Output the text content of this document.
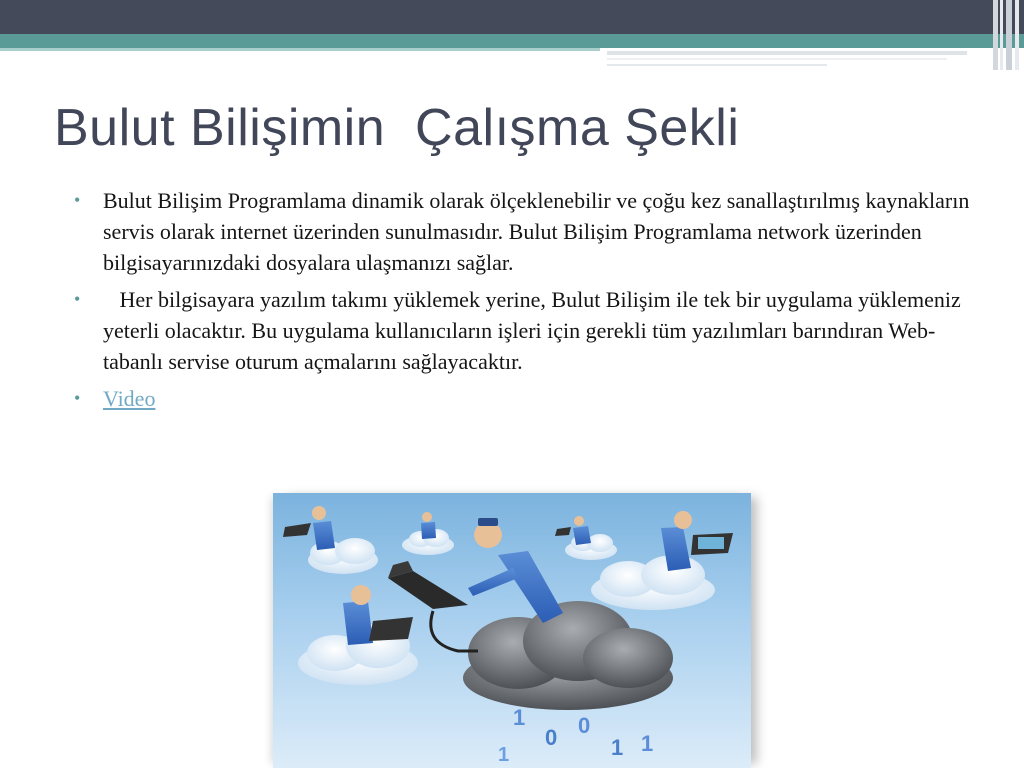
Bulut Bilişimin  Çalışma Şekli
• Bulut Bilişim Programlama dinamik olarak ölçeklenebilir ve çoğu kez sanallaştırılmış kaynakların servis olarak internet üzerinden sunulmasıdır. Bulut Bilişim Programlama network üzerinden bilgisayarınızdaki dosyalara ulaşmanızı sağlar.
• Her bilgisayara yazılım takımı yüklemek yerine, Bulut Bilişim ile tek bir uygulama yüklemeniz yeterli olacaktır. Bu uygulama kullanıcıların işleri için gerekli tüm yazılımları barındıran Web-tabanlı servise oturum açmalarını sağlayacaktır.
• Video
1
0 0
1 1
1
